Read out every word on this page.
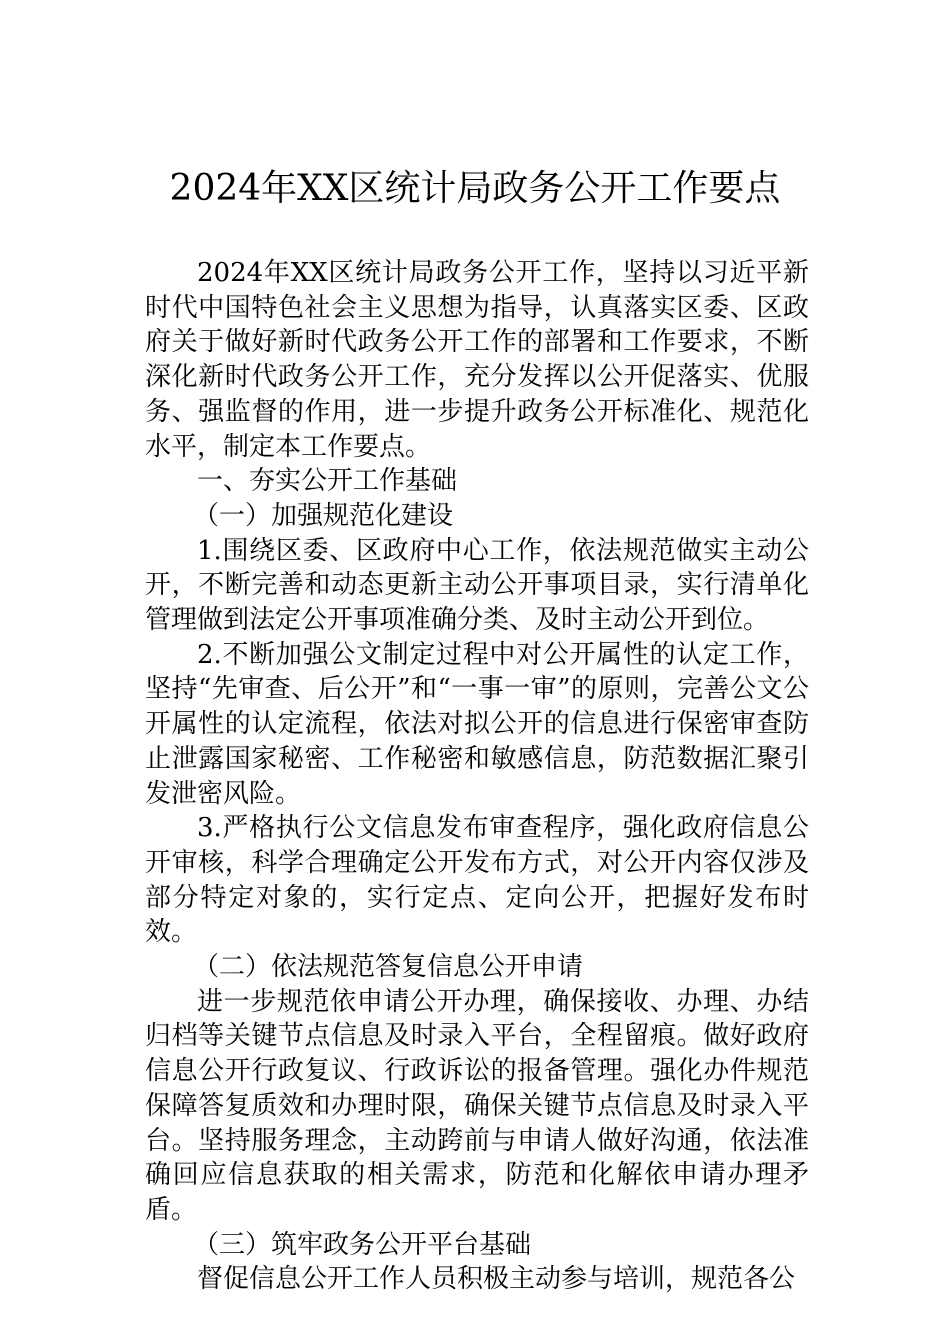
2024年XX区统计局政务公开工作要点

2024年XX区统计局政务公开工作，坚持以习近平新时代中国特色社会主义思想为指导，认真落实区委、区政府关于做好新时代政务公开工作的部署和工作要求，不断深化新时代政务公开工作，充分发挥以公开促落实、优服务、强监督的作用，进一步提升政务公开标准化、规范化水平，制定本工作要点。

一、夯实公开工作基础

（一）加强规范化建设

1.围绕区委、区政府中心工作，依法规范做实主动公开，不断完善和动态更新主动公开事项目录，实行清单化管理做到法定公开事项准确分类、及时主动公开到位。

2.不断加强公文制定过程中对公开属性的认定工作，坚持“先审查、后公开”和“一事一审”的原则，完善公文公开属性的认定流程，依法对拟公开的信息进行保密审查防止泄露国家秘密、工作秘密和敏感信息，防范数据汇聚引发泄密风险。

3.严格执行公文信息发布审查程序，强化政府信息公开审核，科学合理确定公开发布方式，对公开内容仅涉及部分特定对象的，实行定点、定向公开，把握好发布时效。

（二）依法规范答复信息公开申请

进一步规范依申请公开办理，确保接收、办理、办结归档等关键节点信息及时录入平台，全程留痕。做好政府信息公开行政复议、行政诉讼的报备管理。强化办件规范保障答复质效和办理时限，确保关键节点信息及时录入平台。坚持服务理念，主动跨前与申请人做好沟通，依法准确回应信息获取的相关需求，防范和化解依申请办理矛盾。

（三）筑牢政务公开平台基础

督促信息公开工作人员积极主动参与培训，规范各公
